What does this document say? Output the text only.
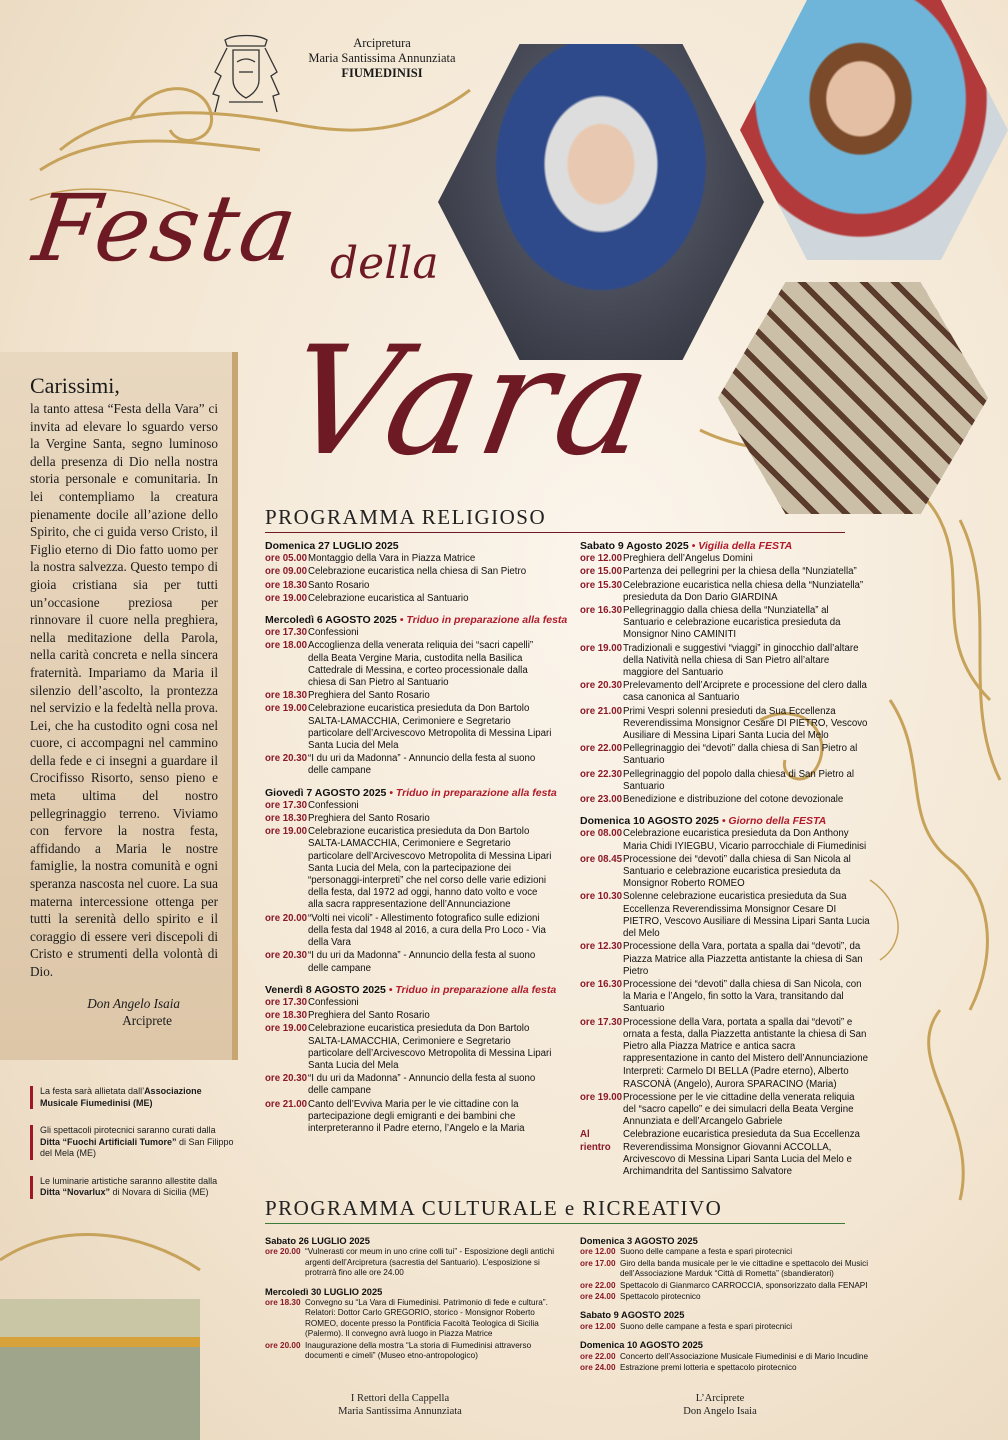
Arcipretura
Maria Santissima Annunziata
FIUMEDINISI
Festa della
Vara
Carissimi,
la tanto attesa “Festa della Vara” ci invita ad elevare lo sguardo verso la Vergine Santa, segno luminoso della presenza di Dio nella nostra storia personale e comunitaria. In lei contempliamo la creatura pienamente docile all’azione dello Spirito, che ci guida verso Cristo, il Figlio eterno di Dio fatto uomo per la nostra salvezza. Questo tempo di gioia cristiana sia per tutti un’occasione preziosa per rinnovare il cuore nella preghiera, nella meditazione della Parola, nella carità concreta e nella sincera fraternità. Impariamo da Maria il silenzio dell’ascolto, la prontezza nel servizio e la fedeltà nella prova. Lei, che ha custodito ogni cosa nel cuore, ci accompagni nel cammino della fede e ci insegni a guardare il Crocifisso Risorto, senso pieno e meta ultima del nostro pellegrinaggio terreno. Viviamo con fervore la nostra festa, affidando a Maria le nostre famiglie, la nostra comunità e ogni speranza nascosta nel cuore. La sua materna intercessione ottenga per tutti la serenità dello spirito e il coraggio di essere veri discepoli di Cristo e strumenti della volontà di Dio.
Don Angelo Isaia
Arciprete
La festa sarà allietata dall’Associazione Musicale Fiumedinisi (ME)
Gli spettacoli pirotecnici saranno curati dalla Ditta “Fuochi Artificiali Tumore” di San Filippo del Mela (ME)
Le luminarie artistiche saranno allestite dalla Ditta “Novarlux” di Novara di Sicilia (ME)
PROGRAMMA RELIGIOSO
Domenica 27 LUGLIO 2025
ore 05.00 Montaggio della Vara in Piazza Matrice
ore 09.00 Celebrazione eucaristica nella chiesa di San Pietro
ore 18.30 Santo Rosario
ore 19.00 Celebrazione eucaristica al Santuario
Mercoledì 6 AGOSTO 2025 • Triduo in preparazione alla festa
ore 17.30 Confessioni
ore 18.00 Accoglienza della venerata reliquia dei “sacri capelli” della Beata Vergine Maria, custodita nella Basilica Cattedrale di Messina, e corteo processionale dalla chiesa di San Pietro al Santuario
ore 18.30 Preghiera del Santo Rosario
ore 19.00 Celebrazione eucaristica presieduta da Don Bartolo SALTA-LAMACCHIA, Cerimoniere e Segretario particolare dell’Arcivescovo Metropolita di Messina Lipari Santa Lucia del Mela
ore 20.30 “I du uri da Madonna” - Annuncio della festa al suono delle campane
Giovedì 7 AGOSTO 2025 • Triduo in preparazione alla festa
ore 17.30 Confessioni
ore 18.30 Preghiera del Santo Rosario
ore 19.00 Celebrazione eucaristica presieduta da Don Bartolo SALTA-LAMACCHIA, Cerimoniere e Segretario particolare dell’Arcivescovo Metropolita di Messina Lipari Santa Lucia del Mela, con la partecipazione dei “personaggi-interpreti” che nel corso delle varie edizioni della festa, dal 1972 ad oggi, hanno dato volto e voce alla sacra rappresentazione dell’Annunciazione
ore 20.00 “Volti nei vicoli” - Allestimento fotografico sulle edizioni della festa dal 1948 al 2016, a cura della Pro Loco - Via della Vara
ore 20.30 “I du uri da Madonna” - Annuncio della festa al suono delle campane
Venerdì 8 AGOSTO 2025 • Triduo in preparazione alla festa
ore 17.30 Confessioni
ore 18.30 Preghiera del Santo Rosario
ore 19.00 Celebrazione eucaristica presieduta da Don Bartolo SALTA-LAMACCHIA, Cerimoniere e Segretario particolare dell’Arcivescovo Metropolita di Messina Lipari Santa Lucia del Mela
ore 20.30 “I du uri da Madonna” - Annuncio della festa al suono delle campane
ore 21.00 Canto dell’Evviva Maria per le vie cittadine con la partecipazione degli emigranti e dei bambini che interpreteranno il Padre eterno, l’Angelo e la Maria
Sabato 9 Agosto 2025 • Vigilia della FESTA
ore 12.00 Preghiera dell’Angelus Domini
ore 15.00 Partenza dei pellegrini per la chiesa della “Nunziatella”
ore 15.30 Celebrazione eucaristica nella chiesa della “Nunziatella” presieduta da Don Dario GIARDINA
ore 16.30 Pellegrinaggio dalla chiesa della “Nunziatella” al Santuario e celebrazione eucaristica presieduta da Monsignor Nino CAMINITI
ore 19.00 Tradizionali e suggestivi “viaggi” in ginocchio dall’altare della Natività nella chiesa di San Pietro all’altare maggiore del Santuario
ore 20.30 Prelevamento dell’Arciprete e processione del clero dalla casa canonica al Santuario
ore 21.00 Primi Vespri solenni presieduti da Sua Eccellenza Reverendissima Monsignor Cesare DI PIETRO, Vescovo Ausiliare di Messina Lipari Santa Lucia del Melo
ore 22.00 Pellegrinaggio dei “devoti” dalla chiesa di San Pietro al Santuario
ore 22.30 Pellegrinaggio del popolo dalla chiesa di San Pietro al Santuario
ore 23.00 Benedizione e distribuzione del cotone devozionale
Domenica 10 AGOSTO 2025 • Giorno della FESTA
ore 08.00 Celebrazione eucaristica presieduta da Don Anthony Maria Chidi IYIEGBU, Vicario parrocchiale di Fiumedinisi
ore 08.45 Processione dei “devoti” dalla chiesa di San Nicola al Santuario e celebrazione eucaristica presieduta da Monsignor Roberto ROMEO
ore 10.30 Solenne celebrazione eucaristica presieduta da Sua Eccellenza Reverendissima Monsignor Cesare DI PIETRO, Vescovo Ausiliare di Messina Lipari Santa Lucia del Melo
ore 12.30 Processione della Vara, portata a spalla dai “devoti”, da Piazza Matrice alla Piazzetta antistante la chiesa di San Pietro
ore 16.30 Processione dei “devoti” dalla chiesa di San Nicola, con la Maria e l’Angelo, fin sotto la Vara, transitando dal Santuario
ore 17.30 Processione della Vara, portata a spalla dai “devoti” e ornata a festa, dalla Piazzetta antistante la chiesa di San Pietro alla Piazza Matrice e antica sacra rappresentazione in canto del Mistero dell’Annunciazione
Interpreti: Carmelo DI BELLA (Padre eterno), Alberto RASCONÀ (Angelo), Aurora SPARACINO (Maria)
ore 19.00 Processione per le vie cittadine della venerata reliquia del “sacro capello” e dei simulacri della Beata Vergine Annunziata e dell’Arcangelo Gabriele
Al rientro
Celebrazione eucaristica presieduta da Sua Eccellenza Reverendissima Monsignor Giovanni ACCOLLA, Arcivescovo di Messina Lipari Santa Lucia del Melo e Archimandrita del Santissimo Salvatore
PROGRAMMA CULTURALE e RICREATIVO
Sabato 26 LUGLIO 2025
ore 20.00 “Vulnerasti cor meum in uno crine colli tui” - Esposizione degli antichi argenti dell’Arcipretura (sacrestia del Santuario). L’esposizione si protrarrà fino alle ore 24.00
Mercoledì 30 LUGLIO 2025
ore 18.30 Convegno su “La Vara di Fiumedinisi. Patrimonio di fede e cultura”. Relatori: Dottor Carlo GREGORIO, storico - Monsignor Roberto ROMEO, docente presso la Pontificia Facoltà Teologica di Sicilia (Palermo). Il convegno avrà luogo in Piazza Matrice
ore 20.00 Inaugurazione della mostra “La storia di Fiumedinisi attraverso documenti e cimeli” (Museo etno-antropologico)
Domenica 3 AGOSTO 2025
ore 12.00 Suono delle campane a festa e spari pirotecnici
ore 17.00 Giro della banda musicale per le vie cittadine e spettacolo dei Musici dell’Associazione Marduk “Città di Rometta” (sbandieratori)
ore 22.00 Spettacolo di Gianmarco CARROCCIA, sponsorizzato dalla FENAPI
ore 24.00 Spettacolo pirotecnico
Sabato 9 AGOSTO 2025
ore 12.00 Suono delle campane a festa e spari pirotecnici
Domenica 10 AGOSTO 2025
ore 22.00 Concerto dell’Associazione Musicale Fiumedinisi e di Mario Incudine
ore 24.00 Estrazione premi lotteria e spettacolo pirotecnico
I Rettori della Cappella
Maria Santissima Annunziata
L’Arciprete
Don Angelo Isaia
